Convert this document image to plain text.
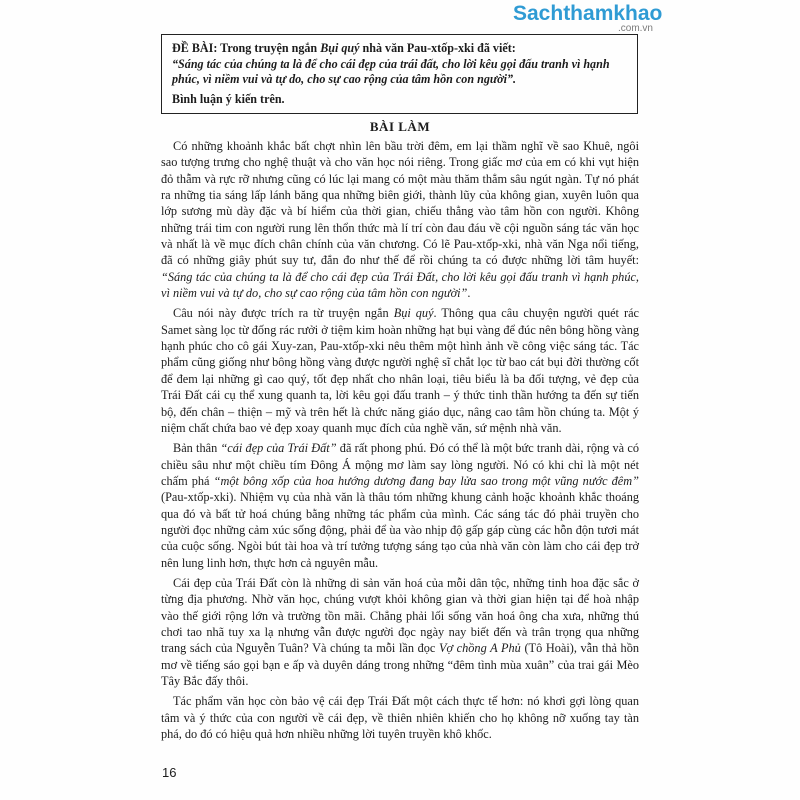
Sachthamkhao
.com.vn

ĐỀ BÀI: Trong truyện ngắn Bụi quý nhà văn Pau-xtốp-xki đã viết:

“Sáng tác của chúng ta là để cho cái đẹp của trái đất, cho lời kêu gọi đấu tranh vì hạnh phúc, vì niềm vui và tự do, cho sự cao rộng của tâm hồn con người”.

Bình luận ý kiến trên.

BÀI LÀM

Có những khoảnh khắc bất chợt nhìn lên bầu trời đêm, em lại thầm nghĩ về sao Khuê, ngôi sao tượng trưng cho nghệ thuật và cho văn học nói riêng. Trong giấc mơ của em có khi vụt hiện đỏ thẫm và rực rỡ nhưng cũng có lúc lại mang có một màu thăm thẳm sâu ngút ngàn. Tự nó phát ra những tia sáng lấp lánh băng qua những biên giới, thành lũy của không gian, xuyên luôn qua lớp sương mù dày đặc và bí hiểm của thời gian, chiếu thẳng vào tâm hồn con người. Không những trái tim con người rung lên thổn thức mà lí trí còn đau đáu về cội nguồn sáng tác văn học và nhất là về mục đích chân chính của văn chương. Có lẽ Pau-xtốp-xki, nhà văn Nga nổi tiếng, đã có những giây phút suy tư, đắn đo như thế để rồi chúng ta có được những lời tâm huyết: “Sáng tác của chúng ta là để cho cái đẹp của Trái Đất, cho lời kêu gọi đấu tranh vì hạnh phúc, vì niềm vui và tự do, cho sự cao rộng của tâm hồn con người”.

Câu nói này được trích ra từ truyện ngắn Bụi quý. Thông qua câu chuyện người quét rác Samet sàng lọc từ đống rác rưởi ở tiệm kim hoàn những hạt bụi vàng để đúc nên bông hồng vàng hạnh phúc cho cô gái Xuy-zan, Pau-xtốp-xki nêu thêm một hình ảnh về công việc sáng tác. Tác phẩm cũng giống như bông hồng vàng được người nghệ sĩ chắt lọc từ bao cát bụi đời thường cốt để đem lại những gì cao quý, tốt đẹp nhất cho nhân loại, tiêu biểu là ba đối tượng, vẻ đẹp của Trái Đất cái cụ thể xung quanh ta, lời kêu gọi đấu tranh – ý thức tinh thần hướng ta đến sự tiến bộ, đến chân – thiện – mỹ và trên hết là chức năng giáo dục, nâng cao tâm hồn chúng ta. Một ý niệm chất chứa bao vẻ đẹp xoay quanh mục đích của nghề văn, sứ mệnh nhà văn.

Bản thân “cái đẹp của Trái Đất” đã rất phong phú. Đó có thể là một bức tranh dài, rộng và có chiều sâu như một chiều tím Đông Á mộng mơ làm say lòng người. Nó có khi chỉ là một nét chấm phá “một bông xốp của hoa hướng dương đang bay lửa sao trong một vũng nước đêm” (Pau-xtốp-xki). Nhiệm vụ của nhà văn là thâu tóm những khung cảnh hoặc khoảnh khắc thoáng qua đó và bất tử hoá chúng bằng những tác phẩm của mình. Các sáng tác đó phải truyền cho người đọc những cảm xúc sống động, phải để ùa vào nhịp độ gấp gáp cùng các hỗn độn tươi mát của cuộc sống. Ngòi bút tài hoa và trí tưởng tượng sáng tạo của nhà văn còn làm cho cái đẹp trở nên lung linh hơn, thực hơn cả nguyên mẫu.

Cái đẹp của Trái Đất còn là những di sản văn hoá của mỗi dân tộc, những tinh hoa đặc sắc ở từng địa phương. Nhờ văn học, chúng vượt khỏi không gian và thời gian hiện tại để hoà nhập vào thế giới rộng lớn và trường tồn mãi. Chẳng phải lối sống văn hoá ông cha xưa, những thú chơi tao nhã tuy xa lạ nhưng vẫn được người đọc ngày nay biết đến và trân trọng qua những trang sách của Nguyễn Tuân? Và chúng ta mỗi lần đọc Vợ chồng A Phủ (Tô Hoài), vẫn thả hồn mơ về tiếng sáo gọi bạn e ấp và duyên dáng trong những “đêm tình mùa xuân” của trai gái Mèo Tây Bắc đấy thôi.

Tác phẩm văn học còn bảo vệ cái đẹp Trái Đất một cách thực tế hơn: nó khơi gợi lòng quan tâm và ý thức của con người về cái đẹp, về thiên nhiên khiến cho họ không nỡ xuống tay tàn phá, do đó có hiệu quả hơn nhiều những lời tuyên truyền khô khốc.

16
